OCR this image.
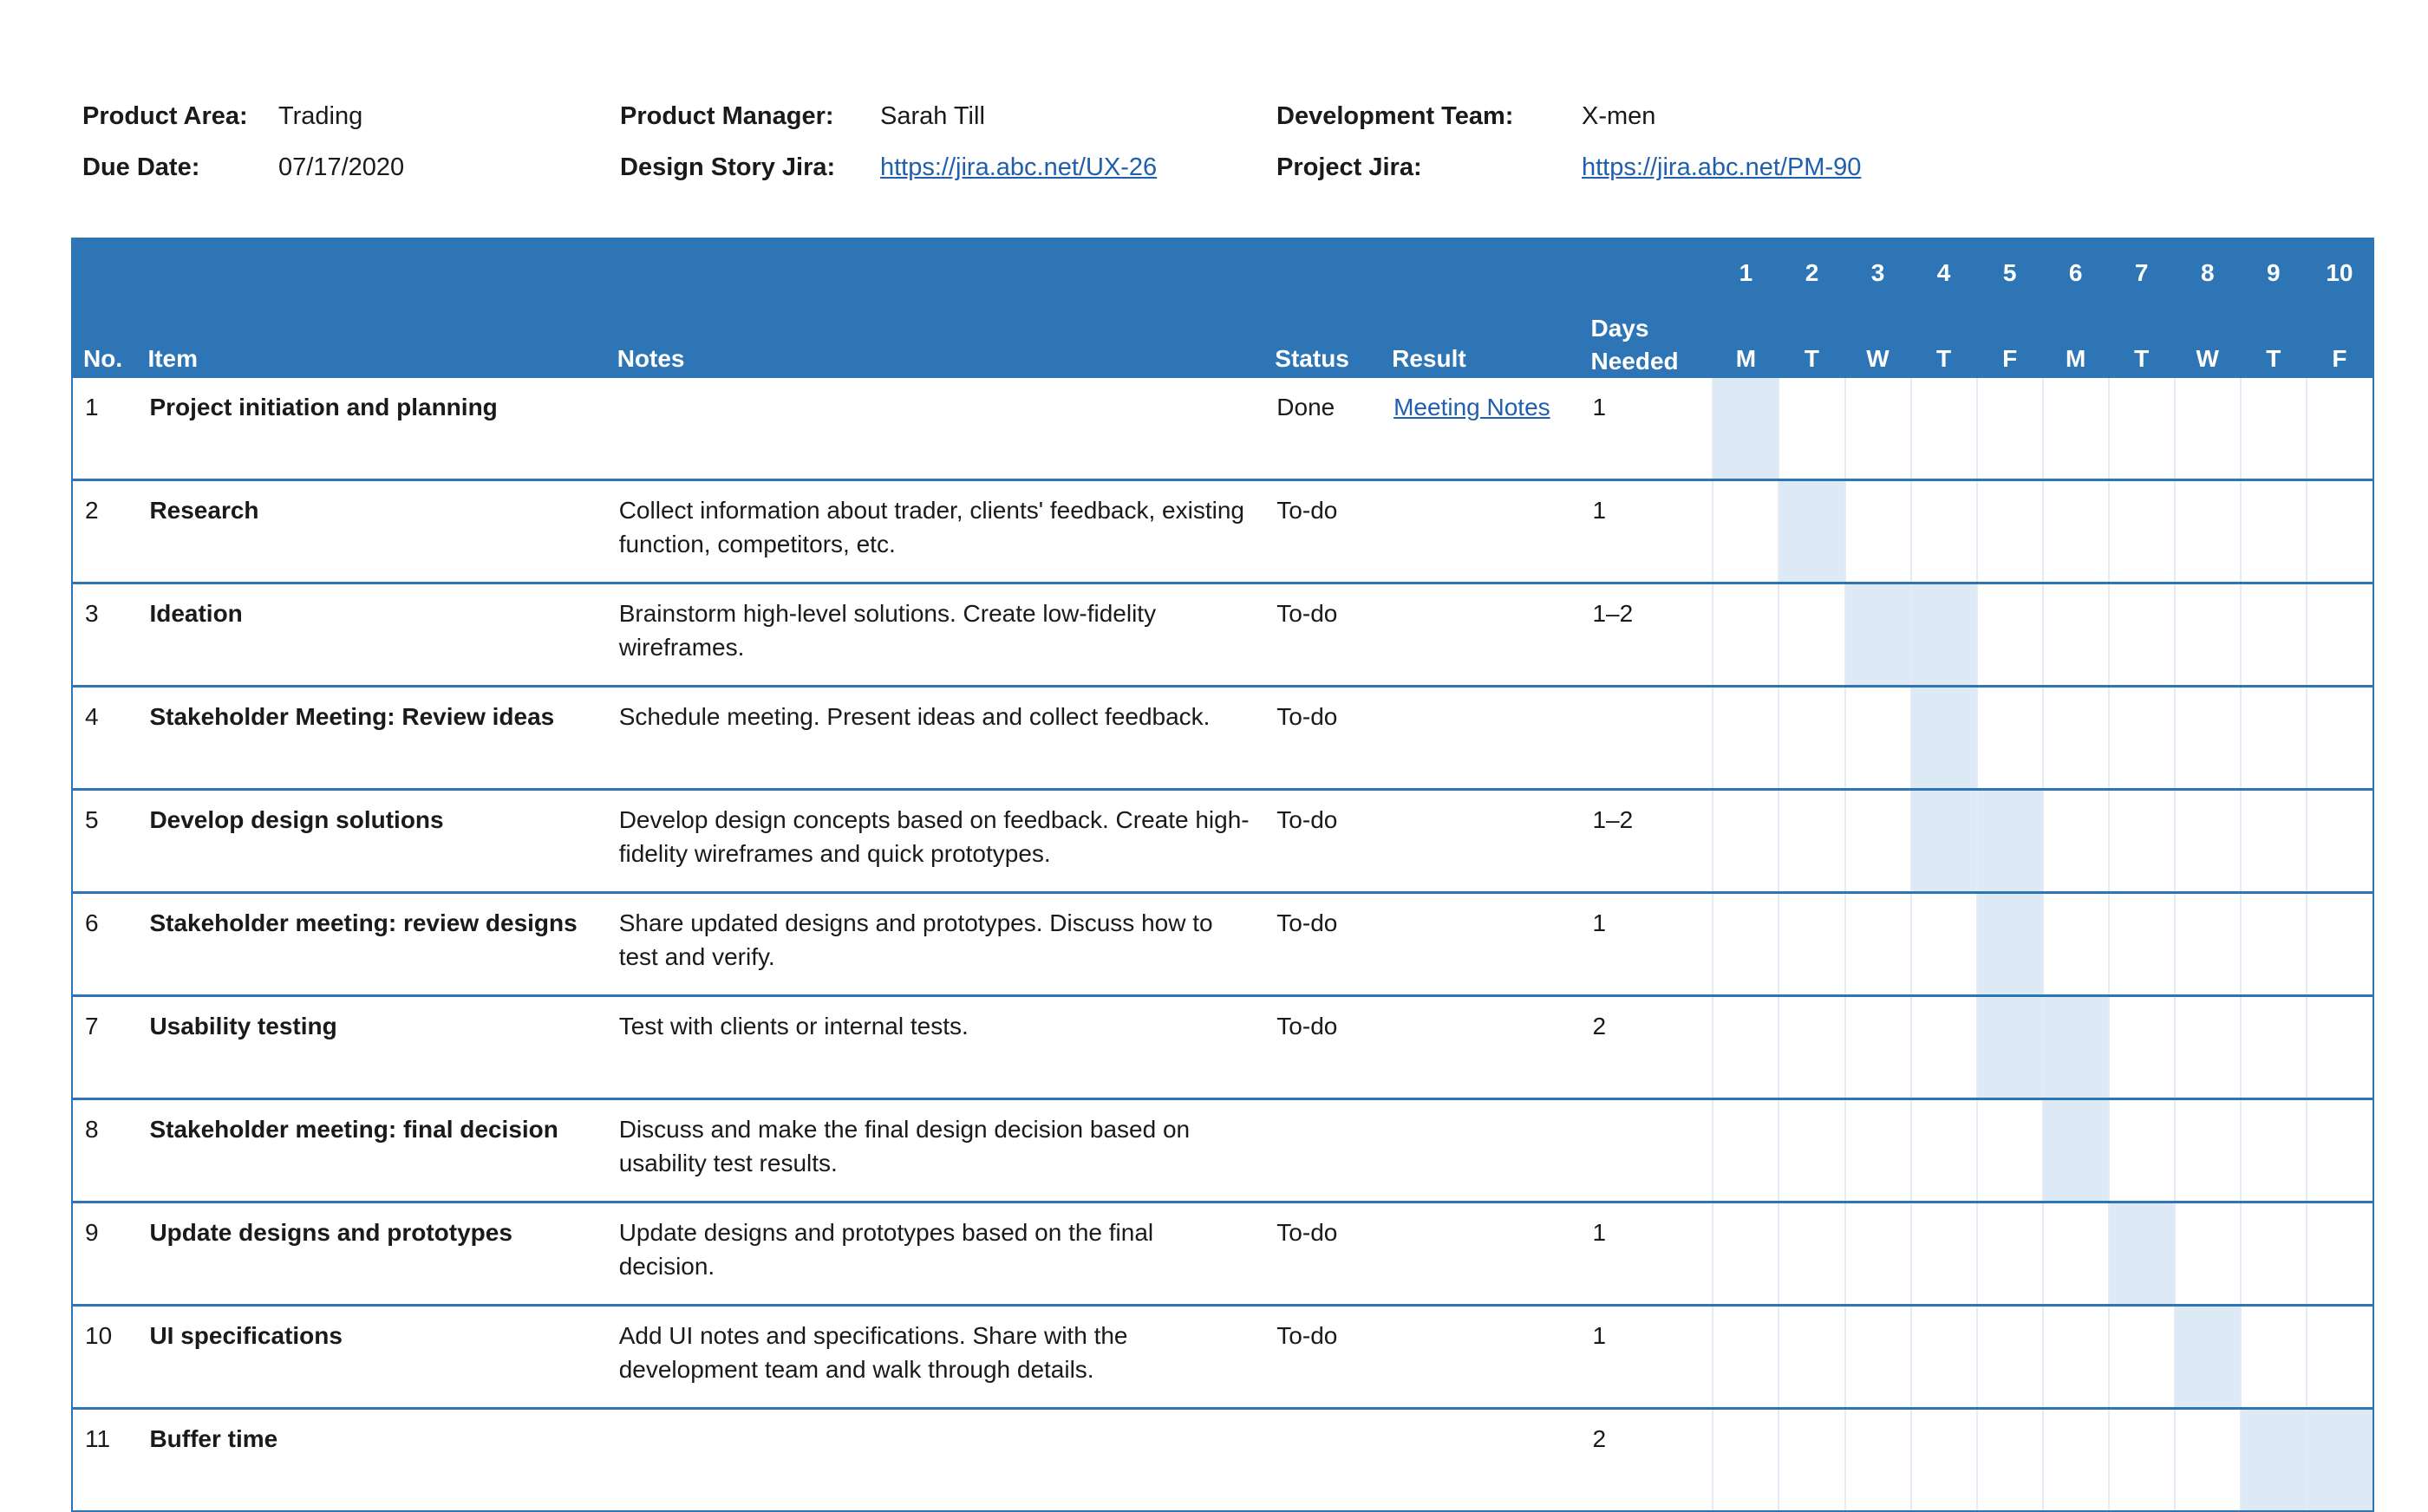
Product Area: Trading
Due Date:	07/17/2020
Product Manager: Sarah Till
Design Story Jira: https://jira.abc.net/UX-26
Development Team:	X-men
Project Jira:	https://jira.abc.net/PM-90
						1	2	3	4	5	6	7	8	9	10
No.	Item	Notes	Status	Result	Days Needed	M	T	W	T	F	M	T	W	T	F
1	Project initiation and planning		Done	Meeting Notes	1										
2	Research	Collect information about trader, clients' feedback, existing function, competitors, etc.	To-do		1										
3	Ideation	Brainstorm high-level solutions. Create low-fidelity wireframes.	To-do		1–2										
4	Stakeholder Meeting: Review ideas	Schedule meeting. Present ideas and collect feedback.	To-do												
5	Develop design solutions	Develop design concepts based on feedback. Create high-fidelity wireframes and quick prototypes.	To-do		1–2										
6	Stakeholder meeting: review designs	Share updated designs and prototypes. Discuss how to test and verify.	To-do		1										
7	Usability testing	Test with clients or internal tests.	To-do		2										
8	Stakeholder meeting: final decision	Discuss and make the final design decision based on usability test results.													
9	Update designs and prototypes	Update designs and prototypes based on the final decision.	To-do		1										
10	UI specifications	Add UI notes and specifications. Share with the development team and walk through details.	To-do		1										
11	Buffer time				2										
